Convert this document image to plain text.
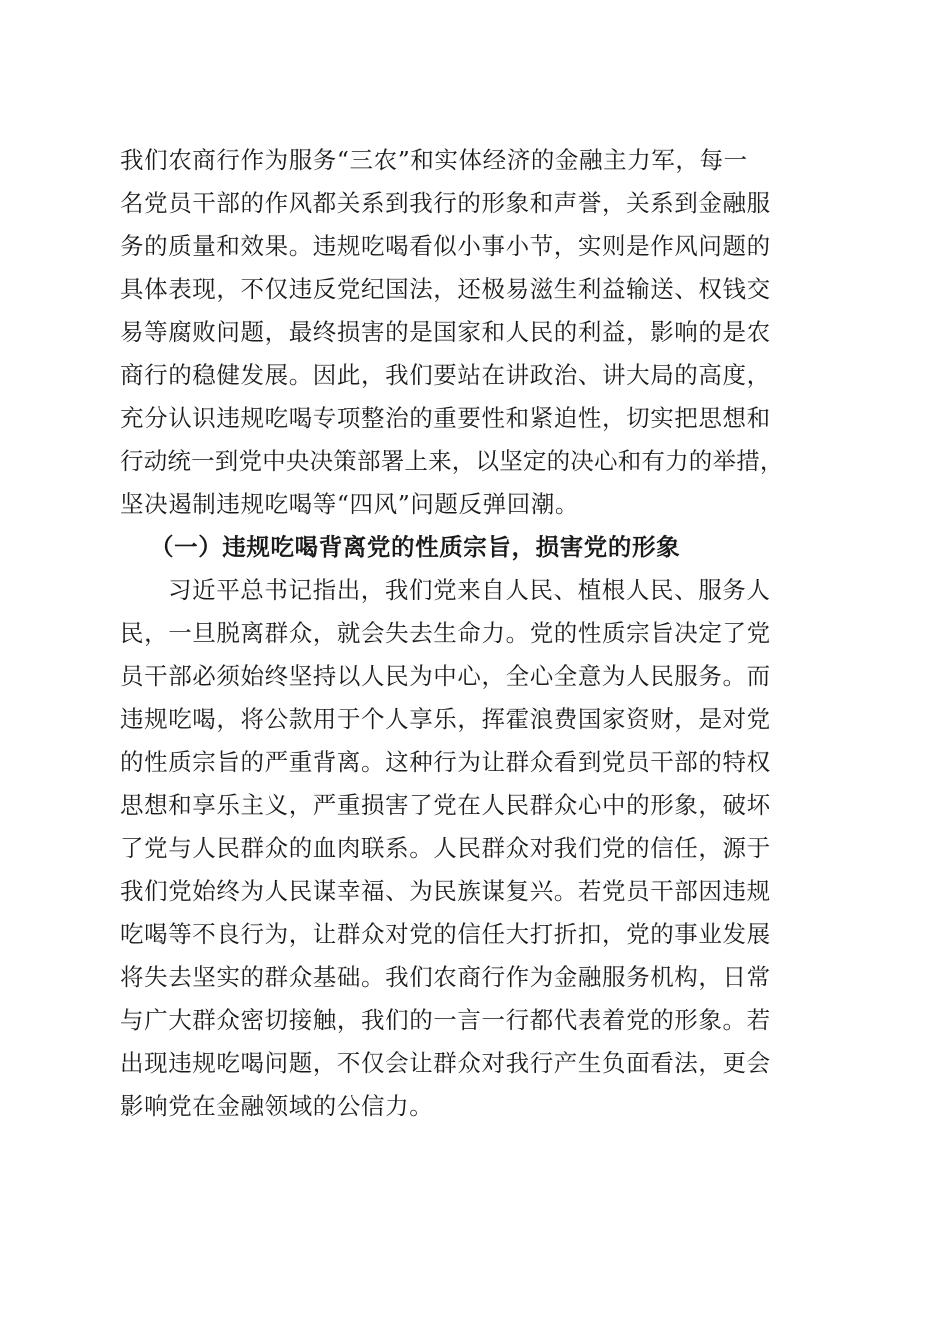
我们农商行作为服务“三农”和实体经济的金融主力军，每一
名党员干部的作风都关系到我行的形象和声誉，关系到金融服
务的质量和效果。违规吃喝看似小事小节，实则是作风问题的
具体表现，不仅违反党纪国法，还极易滋生利益输送、权钱交
易等腐败问题，最终损害的是国家和人民的利益，影响的是农
商行的稳健发展。因此，我们要站在讲政治、讲大局的高度，
充分认识违规吃喝专项整治的重要性和紧迫性，切实把思想和
行动统一到党中央决策部署上来，以坚定的决心和有力的举措，
坚决遏制违规吃喝等“四风”问题反弹回潮。
（一）违规吃喝背离党的性质宗旨，损害党的形象
习近平总书记指出，我们党来自人民、植根人民、服务人
民，一旦脱离群众，就会失去生命力。党的性质宗旨决定了党
员干部必须始终坚持以人民为中心，全心全意为人民服务。而
违规吃喝，将公款用于个人享乐，挥霍浪费国家资财，是对党
的性质宗旨的严重背离。这种行为让群众看到党员干部的特权
思想和享乐主义，严重损害了党在人民群众心中的形象，破坏
了党与人民群众的血肉联系。人民群众对我们党的信任，源于
我们党始终为人民谋幸福、为民族谋复兴。若党员干部因违规
吃喝等不良行为，让群众对党的信任大打折扣，党的事业发展
将失去坚实的群众基础。我们农商行作为金融服务机构，日常
与广大群众密切接触，我们的一言一行都代表着党的形象。若
出现违规吃喝问题，不仅会让群众对我行产生负面看法，更会
影响党在金融领域的公信力。
